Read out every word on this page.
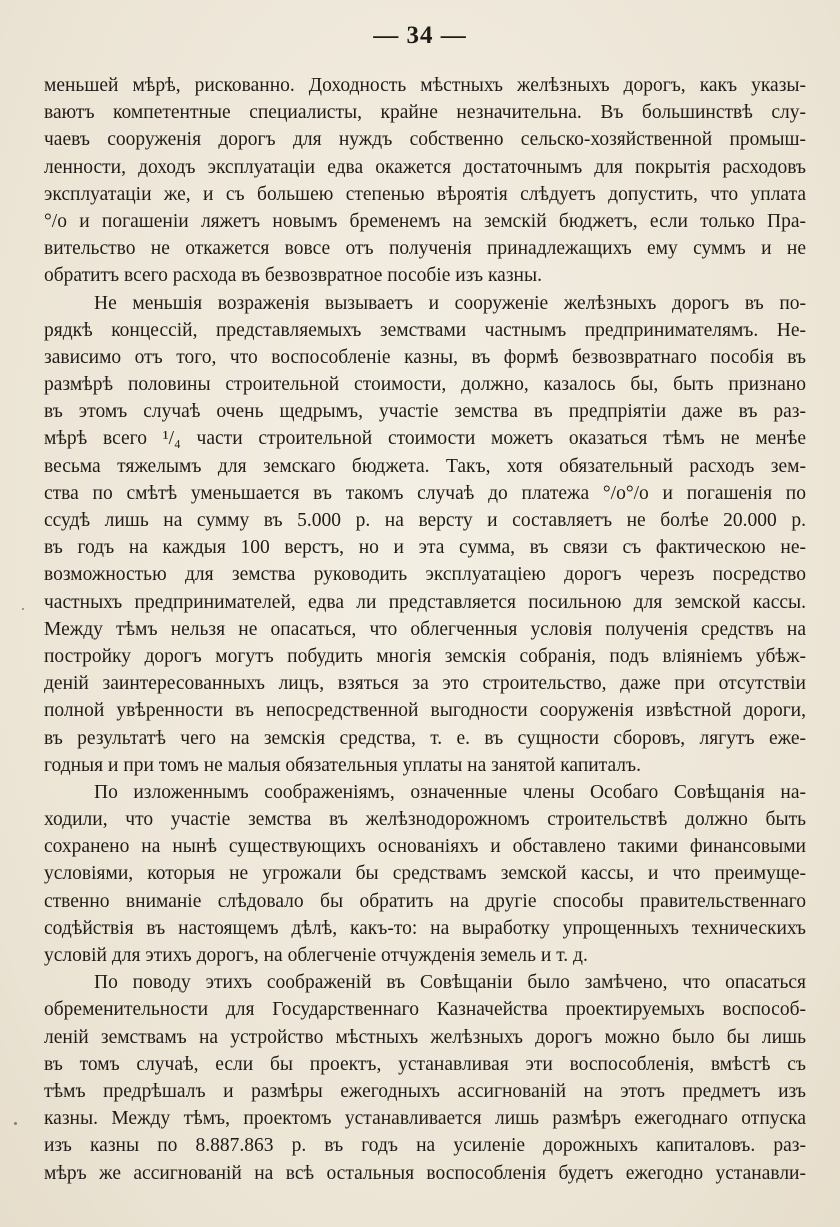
— 34 —
меньшей мѣрѣ, рискованно. Доходность мѣстныхъ желѣзныхъ дорогъ, какъ указы-
ваютъ компетентные специалисты, крайне незначительна. Въ большинствѣ слу-
чаевъ сооруженія дорогъ для нуждъ собственно сельско-хозяйственной промыш-
ленности, доходъ эксплуатаціи едва окажется достаточнымъ для покрытія расходовъ
эксплуатаціи же, и съ большею степенью вѣроятія слѣдуетъ допустить, что уплата
°/о и погашеніи ляжетъ новымъ бременемъ на земскій бюджетъ, если только Пра-
вительство не откажется вовсе отъ полученія принадлежащихъ ему суммъ и не
обратитъ всего расхода въ безвозвратное пособіе изъ казны.
Не меньшія возраженія вызываетъ и сооруженіе желѣзныхъ дорогъ въ по-
рядкѣ концессій, представляемыхъ земствами частнымъ предпринимателямъ. Не-
зависимо отъ того, что воспособленіе казны, въ формѣ безвозвратнаго пособія въ
размѣрѣ половины строительной стоимости, должно, казалось бы, быть признано
въ этомъ случаѣ очень щедрымъ, участіе земства въ предпріятіи даже въ раз-
мѣрѣ всего ¹/₄ части строительной стоимости можетъ оказаться тѣмъ не менѣе
весьма тяжелымъ для земскаго бюджета. Такъ, хотя обязательный расходъ зем-
ства по смѣтѣ уменьшается въ такомъ случаѣ до платежа °/о°/о и погашенія по
ссудѣ лишь на сумму въ 5.000 р. на версту и составляетъ не болѣе 20.000 р.
въ годъ на каждыя 100 верстъ, но и эта сумма, въ связи съ фактическою не-
возможностью для земства руководить эксплуатаціею дорогъ черезъ посредство
частныхъ предпринимателей, едва ли представляется посильною для земской кассы.
Между тѣмъ нельзя не опасаться, что облегченныя условія полученія средствъ на
постройку дорогъ могутъ побудить многія земскія собранія, подъ вліяніемъ убѣж-
деній заинтересованныхъ лицъ, взяться за это строительство, даже при отсутствіи
полной увѣренности въ непосредственной выгодности сооруженія извѣстной дороги,
въ результатѣ чего на земскія средства, т. е. въ сущности сборовъ, лягутъ еже-
годныя и при томъ не малыя обязательныя уплаты на занятой капиталъ.
По изложеннымъ соображеніямъ, означенные члены Особаго Совѣщанія на-
ходили, что участіе земства въ желѣзнодорожномъ строительствѣ должно быть
сохранено на нынѣ существующихъ основаніяхъ и обставлено такими финансовыми
условіями, которыя не угрожали бы средствамъ земской кассы, и что преимуще-
ственно вниманіе слѣдовало бы обратить на другіе способы правительственнаго
содѣйствія въ настоящемъ дѣлѣ, какъ-то: на выработку упрощенныхъ техническихъ
условій для этихъ дорогъ, на облегченіе отчужденія земель и т. д.
По поводу этихъ соображеній въ Совѣщаніи было замѣчено, что опасаться
обременительности для Государственнаго Казначейства проектируемыхъ воспособ-
леній земствамъ на устройство мѣстныхъ желѣзныхъ дорогъ можно было бы лишь
въ томъ случаѣ, если бы проектъ, устанавливая эти воспособленія, вмѣстѣ съ
тѣмъ предрѣшалъ и размѣры ежегодныхъ ассигнованій на этотъ предметъ изъ
казны. Между тѣмъ, проектомъ устанавливается лишь размѣръ ежегоднаго отпуска
изъ казны по 8.887.863 р. въ годъ на усиленіе дорожныхъ капиталовъ. раз-
мѣръ же ассигнованій на всѣ остальныя воспособленія будетъ ежегодно устанавли-
